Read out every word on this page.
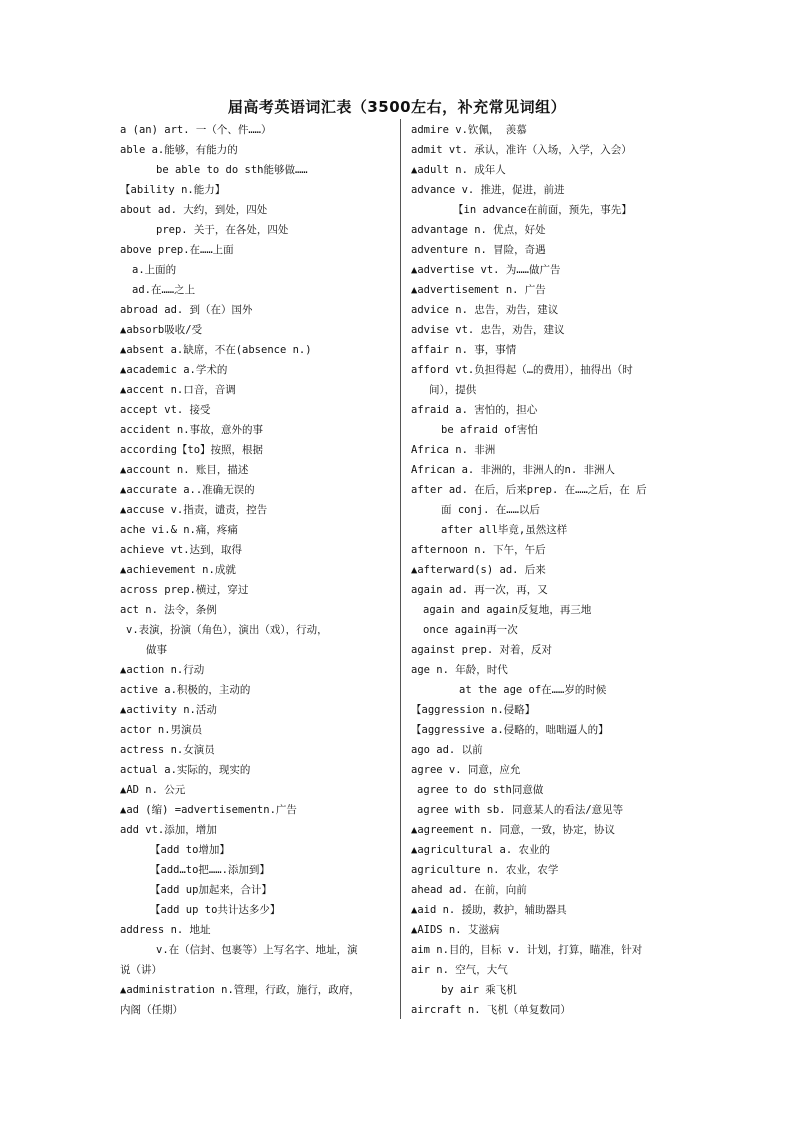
届高考英语词汇表（3500左右，补充常见词组）
a (an) art. 一（个、件……）
able a.能够，有能力的
be able to do sth能够做……
【ability n.能力】
about ad. 大约，到处，四处
prep. 关于，在各处，四处
above prep.在……上面
a.上面的
ad.在……之上
abroad ad. 到（在）国外
▲absorb吸收/受
▲absent a.缺席，不在(absence n.)
▲academic a.学术的
▲accent n.口音，音调
accept vt. 接受
accident n.事故，意外的事
according【to】按照，根据
▲account n. 账目，描述
▲accurate a..准确无误的
▲accuse v.指责，谴责，控告
ache vi.& n.痛，疼痛
achieve vt.达到，取得
▲achievement n.成就
across prep.横过，穿过
act n. 法令，条例
v.表演，扮演（角色），演出（戏），行动，
做事
▲action n.行动
active a.积极的，主动的
▲activity n.活动
actor n.男演员
actress n.女演员
actual a.实际的，现实的
▲AD n. 公元
▲ad (缩) =advertisementn.广告
add vt.添加，增加
【add to增加】
【add…to把…….添加到】
【add up加起来，合计】
【add up to共计达多少】
address n. 地址
v.在（信封、包裹等）上写名字、地址，演
说（讲）
▲administration n.管理，行政，施行，政府，
内阁（任期）
admire v.钦佩， 羡慕
admit vt. 承认，准许（入场，入学，入会）
▲adult n. 成年人
advance v. 推进，促进，前进
【in advance在前面，预先，事先】
advantage n. 优点，好处
adventure n. 冒险，奇遇
▲advertise vt. 为……做广告
▲advertisement n. 广告
advice n. 忠告，劝告，建议
advise vt. 忠告，劝告，建议
affair n. 事，事情
afford vt.负担得起（…的费用），抽得出（时
间），提供
afraid a. 害怕的，担心
be afraid of害怕
Africa n. 非洲
African a. 非洲的，非洲人的n. 非洲人
after ad. 在后，后来prep. 在……之后，在 后
面 conj. 在……以后
after all毕竟,虽然这样
afternoon n. 下午，午后
▲afterward(s) ad. 后来
again ad. 再一次，再，又
again and again反复地，再三地
once again再一次
against prep. 对着，反对
age n. 年龄，时代
at the age of在……岁的时候
【aggression n.侵略】
【aggressive a.侵略的，咄咄逼人的】
ago ad. 以前
agree v. 同意，应允
agree to do sth同意做
agree with sb. 同意某人的看法/意见等
▲agreement n. 同意，一致，协定，协议
▲agricultural a. 农业的
agriculture n. 农业，农学
ahead ad. 在前，向前
▲aid n. 援助，救护，辅助器具
▲AIDS n. 艾滋病
aim n.目的，目标 v. 计划，打算，瞄准，针对
air n. 空气，大气
by air 乘飞机
aircraft n. 飞机（单复数同）
